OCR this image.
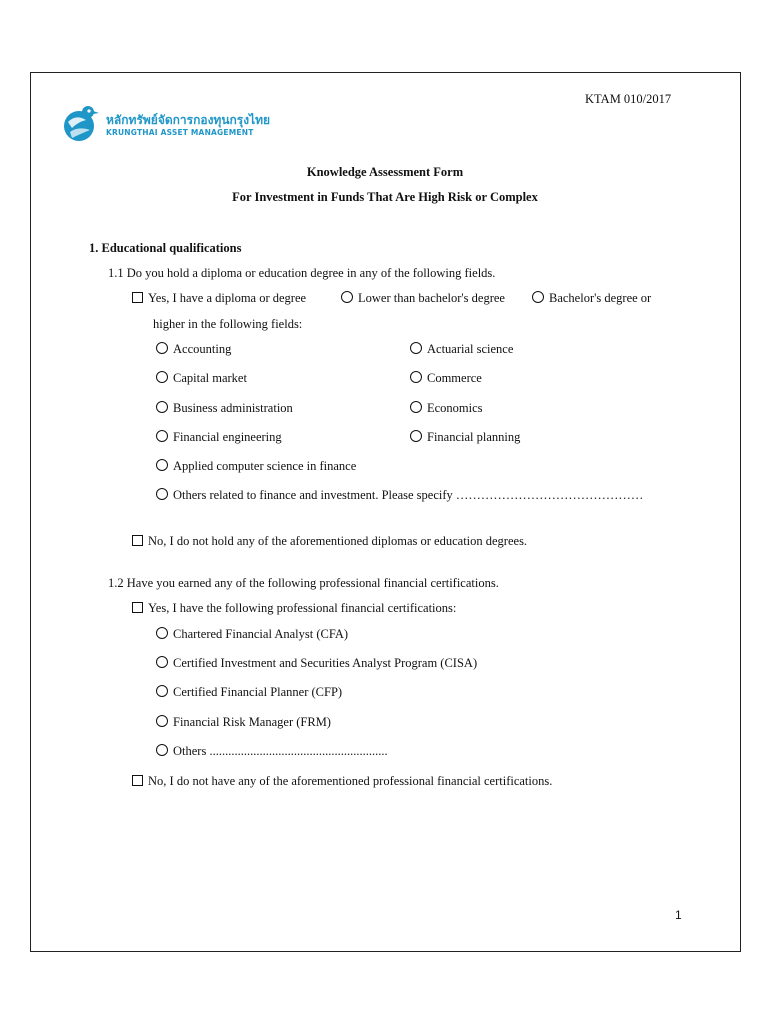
KTAM 010/2017
หลักทรัพย์จัดการกองทุนกรุงไทย
KRUNGTHAI ASSET MANAGEMENT
Knowledge Assessment Form
For Investment in Funds That Are High Risk or Complex
1. Educational qualifications
1.1 Do you hold a diploma or education degree in any of the following fields.
Yes, I have a diploma or degree	Lower than bachelor's degree	Bachelor's degree or
higher in the following fields:
Accounting	Actuarial science
Capital market	Commerce
Business administration	Economics
Financial engineering	Financial planning
Applied computer science in finance
Others related to finance and investment. Please specify ………………………………………
No, I do not hold any of the aforementioned diplomas or education degrees.
1.2 Have you earned any of the following professional financial certifications.
Yes, I have the following professional financial certifications:
Chartered Financial Analyst (CFA)
Certified Investment and Securities Analyst Program (CISA)
Certified Financial Planner (CFP)
Financial Risk Manager (FRM)
Others .........................................................
No, I do not have any of the aforementioned professional financial certifications.
1
